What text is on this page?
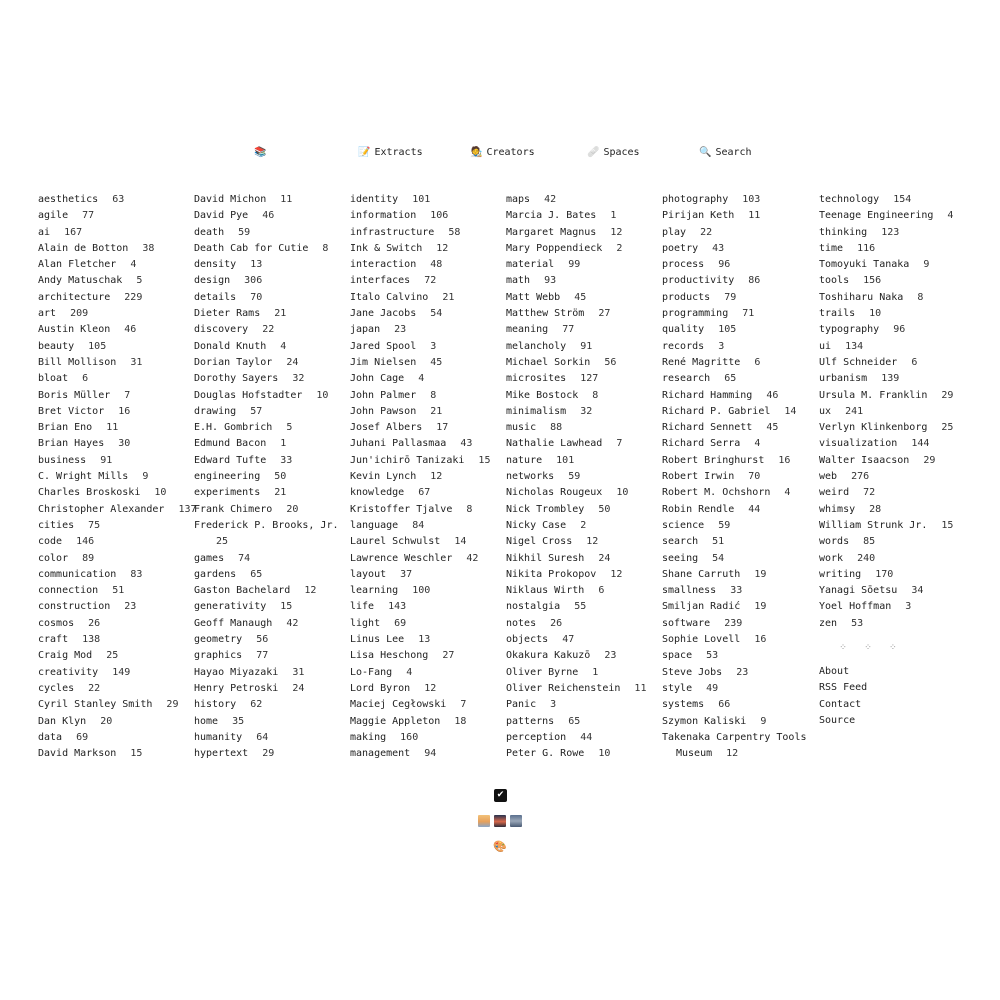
📚	📝 Extracts	🧑‍🎨 Creators	🩹 Spaces	🔍 Search
aesthetics 63
agile 77
ai 167
Alain de Botton 38
Alan Fletcher 4
Andy Matuschak 5
architecture 229
art 209
Austin Kleon 46
beauty 105
Bill Mollison 31
bloat 6
Boris Müller 7
Bret Victor 16
Brian Eno 11
Brian Hayes 30
business 91
C. Wright Mills 9
Charles Broskoski 10
Christopher Alexander 137
cities 75
code 146
color 89
communication 83
connection 51
construction 23
cosmos 26
craft 138
Craig Mod 25
creativity 149
cycles 22
Cyril Stanley Smith 29
Dan Klyn 20
data 69
David Markson 15
David Michon 11
David Pye 46
death 59
Death Cab for Cutie 8
density 13
design 306
details 70
Dieter Rams 21
discovery 22
Donald Knuth 4
Dorian Taylor 24
Dorothy Sayers 32
Douglas Hofstadter 10
drawing 57
E.H. Gombrich 5
Edmund Bacon 1
Edward Tufte 33
engineering 50
experiments 21
Frank Chimero 20
Frederick P. Brooks, Jr. 25
games 74
gardens 65
Gaston Bachelard 12
generativity 15
Geoff Manaugh 42
geometry 56
graphics 77
Hayao Miyazaki 31
Henry Petroski 24
history 62
home 35
humanity 64
hypertext 29
identity 101
information 106
infrastructure 58
Ink & Switch 12
interaction 48
interfaces 72
Italo Calvino 21
Jane Jacobs 54
japan 23
Jared Spool 3
Jim Nielsen 45
John Cage 4
John Palmer 8
John Pawson 21
Josef Albers 17
Juhani Pallasmaa 43
Jun'ichirō Tanizaki 15
Kevin Lynch 12
knowledge 67
Kristoffer Tjalve 8
language 84
Laurel Schwulst 14
Lawrence Weschler 42
layout 37
learning 100
life 143
light 69
Linus Lee 13
Lisa Heschong 27
Lo-Fang 4
Lord Byron 12
Maciej Cegłowski 7
Maggie Appleton 18
making 160
management 94
maps 42
Marcia J. Bates 1
Margaret Magnus 12
Mary Poppendieck 2
material 99
math 93
Matt Webb 45
Matthew Ström 27
meaning 77
melancholy 91
Michael Sorkin 56
microsites 127
Mike Bostock 8
minimalism 32
music 88
Nathalie Lawhead 7
nature 101
networks 59
Nicholas Rougeux 10
Nick Trombley 50
Nicky Case 2
Nigel Cross 12
Nikhil Suresh 24
Nikita Prokopov 12
Niklaus Wirth 6
nostalgia 55
notes 26
objects 47
Okakura Kakuzō 23
Oliver Byrne 1
Oliver Reichenstein 11
Panic 3
patterns 65
perception 44
Peter G. Rowe 10
photography 103
Pirijan Keth 11
play 22
poetry 43
process 96
productivity 86
products 79
programming 71
quality 105
records 3
René Magritte 6
research 65
Richard Hamming 46
Richard P. Gabriel 14
Richard Sennett 45
Richard Serra 4
Robert Bringhurst 16
Robert Irwin 70
Robert M. Ochshorn 4
Robin Rendle 44
science 59
search 51
seeing 54
Shane Carruth 19
smallness 33
Smiljan Radić 19
software 239
Sophie Lovell 16
space 53
Steve Jobs 23
style 49
systems 66
Szymon Kaliski 9
Takenaka Carpentry Tools Museum 12
technology 154
Teenage Engineering 4
thinking 123
time 116
Tomoyuki Tanaka 9
tools 156
Toshiharu Naka 8
trails 10
typography 96
ui 134
Ulf Schneider 6
urbanism 139
Ursula M. Franklin 29
ux 241
Verlyn Klinkenborg 25
visualization 144
Walter Isaacson 29
web 276
weird 72
whimsy 28
William Strunk Jr. 15
words 85
work 240
writing 170
Yanagi Sōetsu 34
Yoel Hoffman 3
zen 53
⁘ ⁘ ⁘
About
RSS Feed
Contact
Source
✔
🎨
